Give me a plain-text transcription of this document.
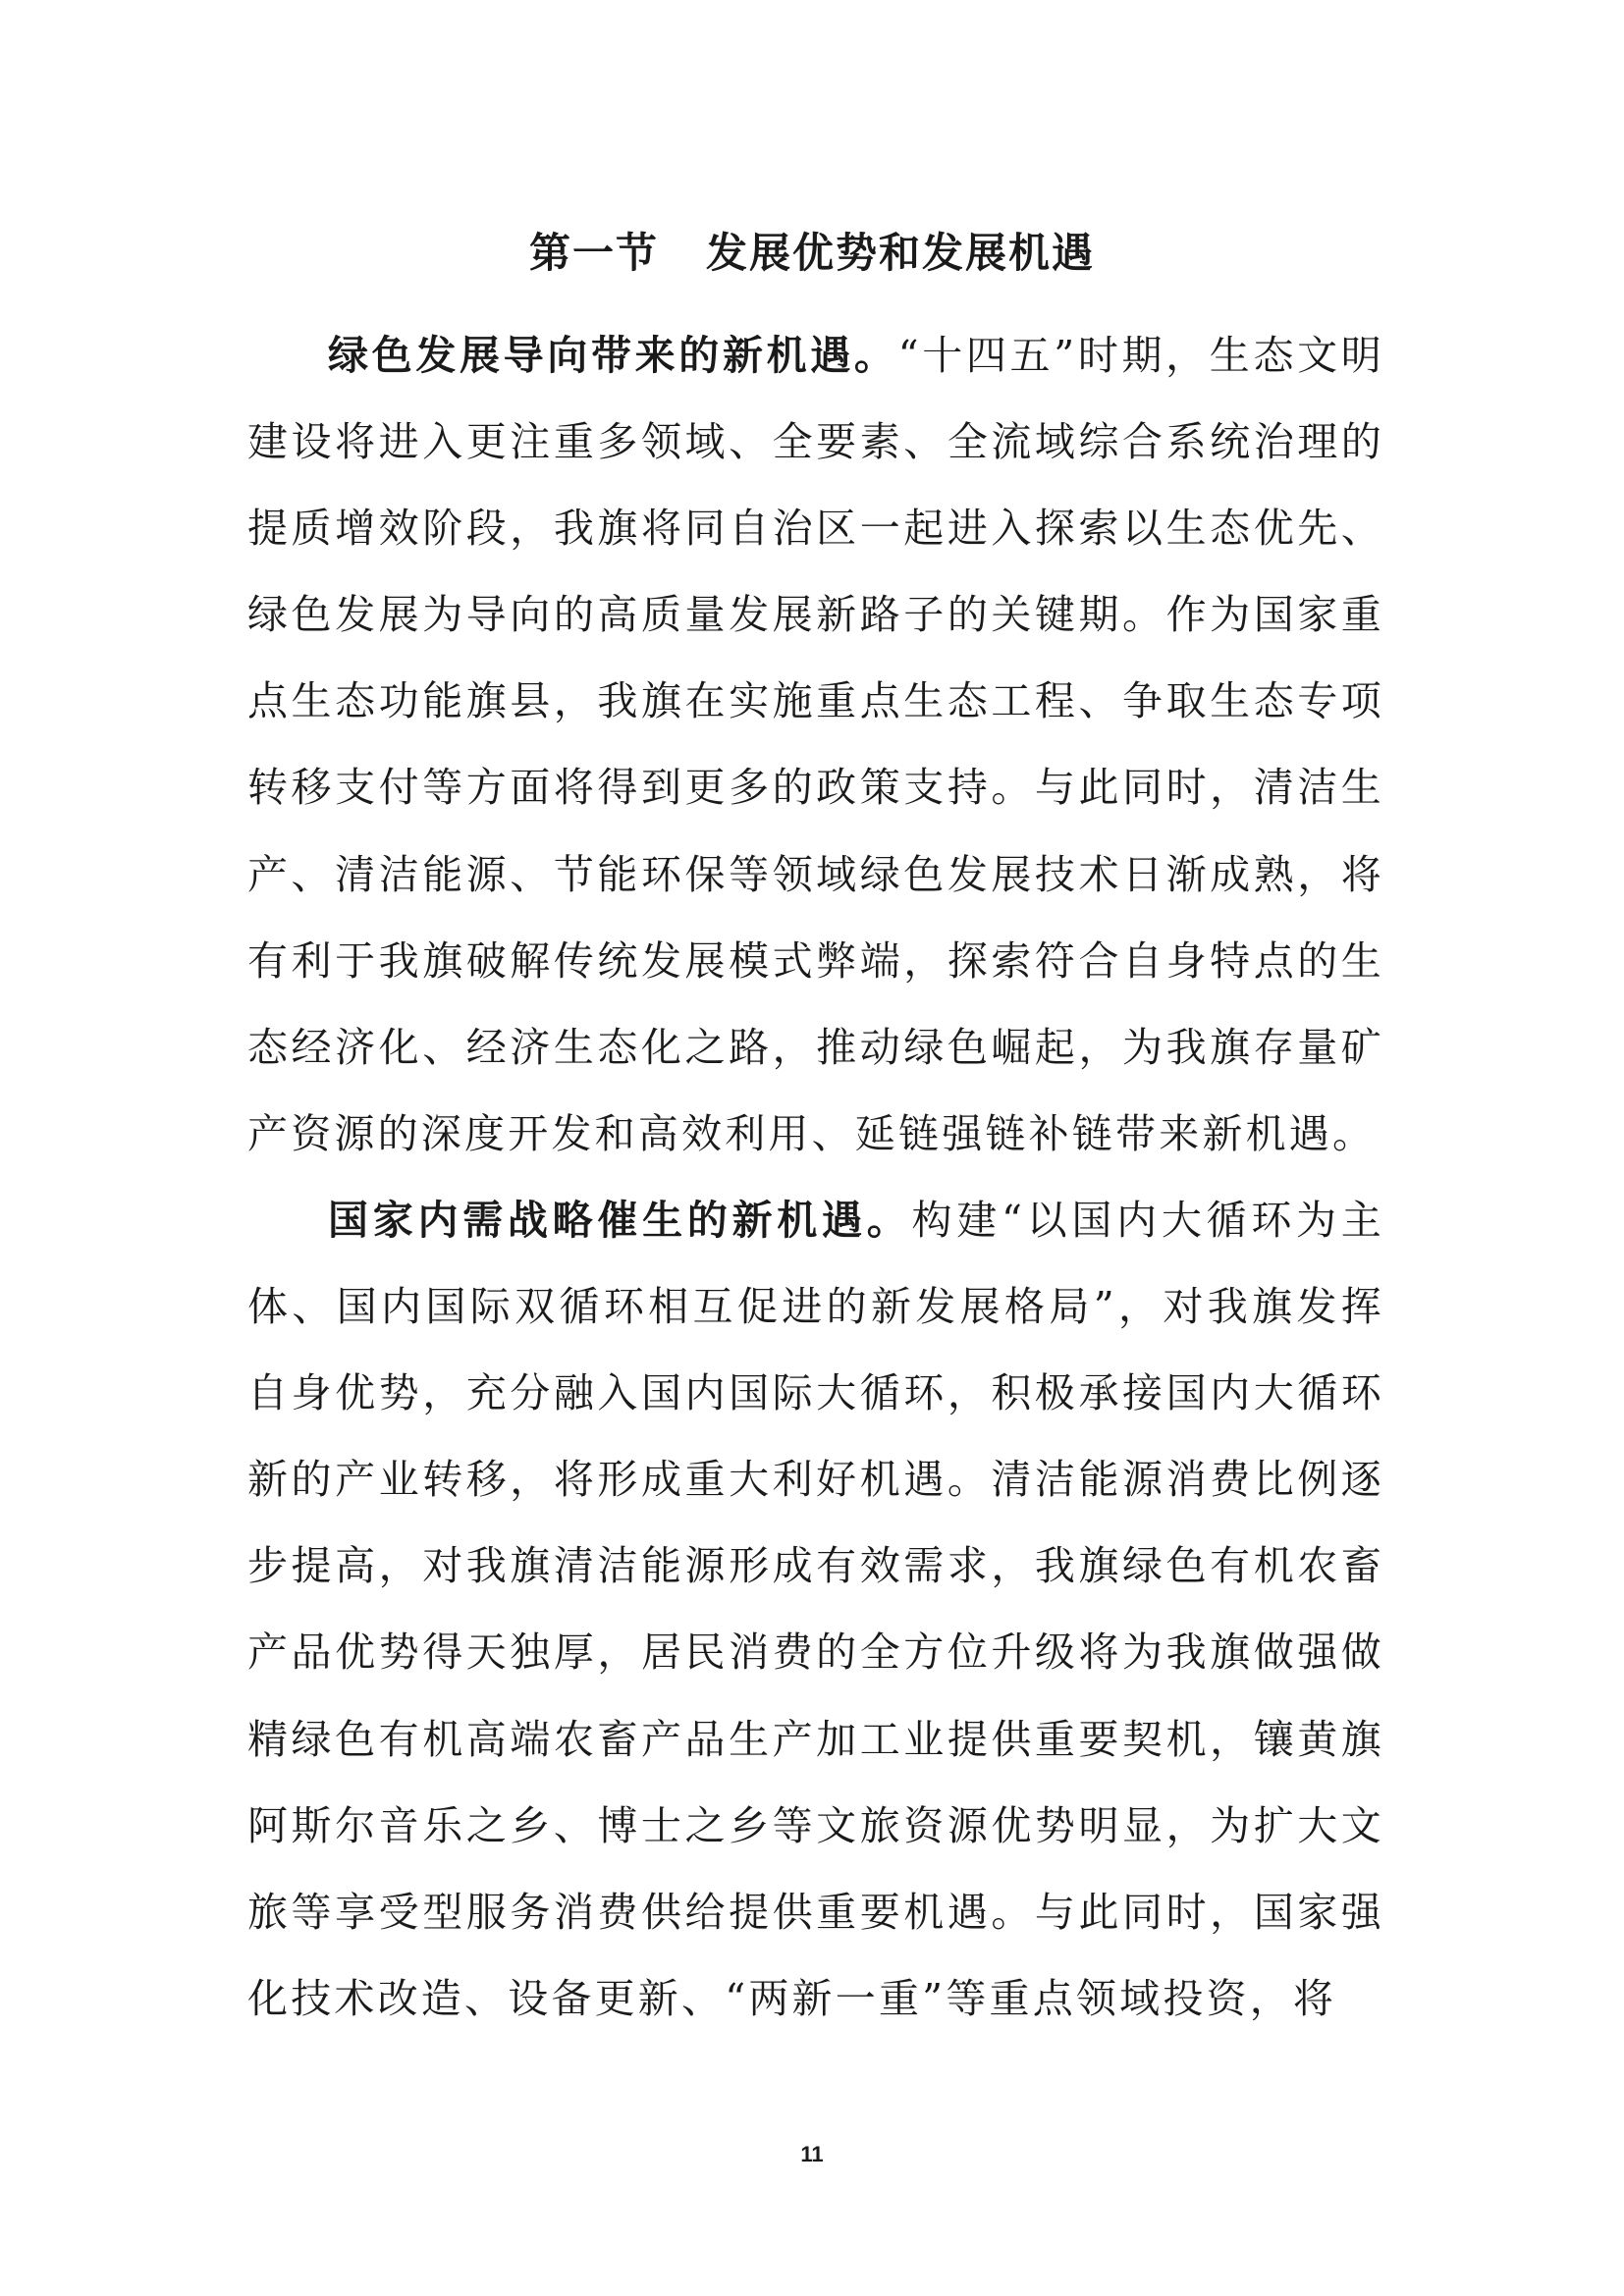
第一节 发展优势和发展机遇

绿色发展导向带来的新机遇。“十四五”时期，生态文明建设将进入更注重多领域、全要素、全流域综合系统治理的提质增效阶段，我旗将同自治区一起进入探索以生态优先、绿色发展为导向的高质量发展新路子的关键期。作为国家重点生态功能旗县，我旗在实施重点生态工程、争取生态专项转移支付等方面将得到更多的政策支持。与此同时，清洁生产、清洁能源、节能环保等领域绿色发展技术日渐成熟，将有利于我旗破解传统发展模式弊端，探索符合自身特点的生态经济化、经济生态化之路，推动绿色崛起，为我旗存量矿产资源的深度开发和高效利用、延链强链补链带来新机遇。

国家内需战略催生的新机遇。构建“以国内大循环为主体、国内国际双循环相互促进的新发展格局”，对我旗发挥自身优势，充分融入国内国际大循环，积极承接国内大循环新的产业转移，将形成重大利好机遇。清洁能源消费比例逐步提高，对我旗清洁能源形成有效需求，我旗绿色有机农畜产品优势得天独厚，居民消费的全方位升级将为我旗做强做精绿色有机高端农畜产品生产加工业提供重要契机，镶黄旗阿斯尔音乐之乡、博士之乡等文旅资源优势明显，为扩大文旅等享受型服务消费供给提供重要机遇。与此同时，国家强化技术改造、设备更新、“两新一重”等重点领域投资，将

11
